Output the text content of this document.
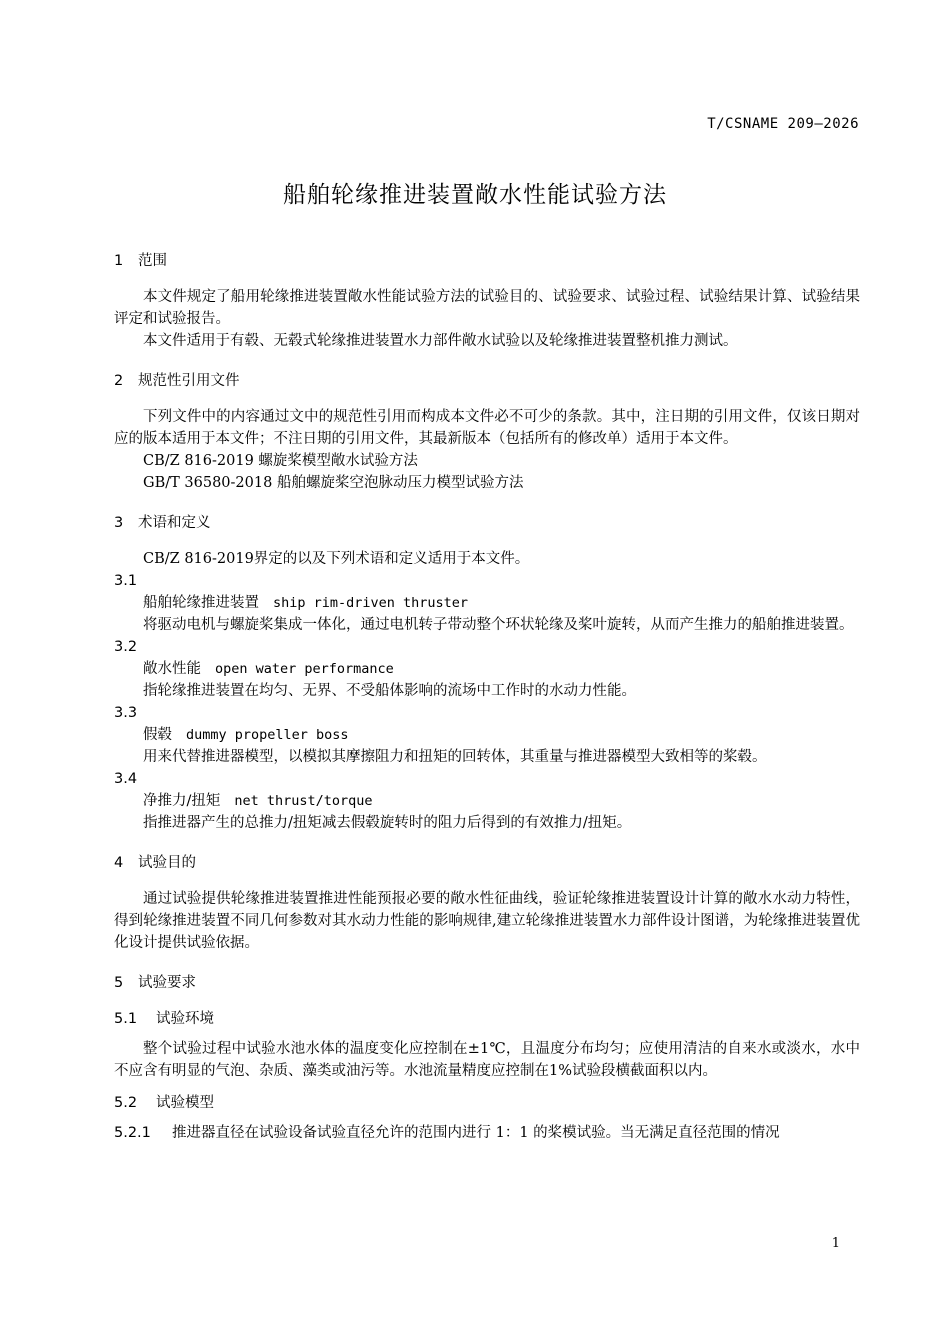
T/CSNAME 209—2026
船舶轮缘推进装置敞水性能试验方法
1 范围

本文件规定了船用轮缘推进装置敞水性能试验方法的试验目的、试验要求、试验过程、试验结果计算、试验结果评定和试验报告。

本文件适用于有毂、无毂式轮缘推进装置水力部件敞水试验以及轮缘推进装置整机推力测试。

2 规范性引用文件

下列文件中的内容通过文中的规范性引用而构成本文件必不可少的条款。其中，注日期的引用文件，仅该日期对应的版本适用于本文件；不注日期的引用文件，其最新版本（包括所有的修改单）适用于本文件。

CB/Z 816-2019 螺旋桨模型敞水试验方法

GB/T 36580-2018 船舶螺旋桨空泡脉动压力模型试验方法

3 术语和定义

CB/Z 816-2019界定的以及下列术语和定义适用于本文件。

3.1

船舶轮缘推进装置 ship rim-driven thruster

将驱动电机与螺旋桨集成一体化，通过电机转子带动整个环状轮缘及桨叶旋转，从而产生推力的船舶推进装置。

3.2

敞水性能 open water performance

指轮缘推进装置在均匀、无界、不受船体影响的流场中工作时的水动力性能。

3.3

假毂 dummy propeller boss

用来代替推进器模型，以模拟其摩擦阻力和扭矩的回转体，其重量与推进器模型大致相等的桨毂。

3.4

净推力/扭矩 net thrust/torque

指推进器产生的总推力/扭矩减去假毂旋转时的阻力后得到的有效推力/扭矩。

4 试验目的

通过试验提供轮缘推进装置推进性能预报必要的敞水性征曲线，验证轮缘推进装置设计计算的敞水水动力特性，得到轮缘推进装置不同几何参数对其水动力性能的影响规律,建立轮缘推进装置水力部件设计图谱，为轮缘推进装置优化设计提供试验依据。

5 试验要求
5.1 试验环境

整个试验过程中试验水池水体的温度变化应控制在±1℃，且温度分布均匀；应使用清洁的自来水或淡水，水中不应含有明显的气泡、杂质、藻类或油污等。水池流量精度应控制在1%试验段横截面积以内。

5.2 试验模型

5.2.1 推进器直径在试验设备试验直径允许的范围内进行 1：1 的桨模试验。当无满足直径范围的情况

1
